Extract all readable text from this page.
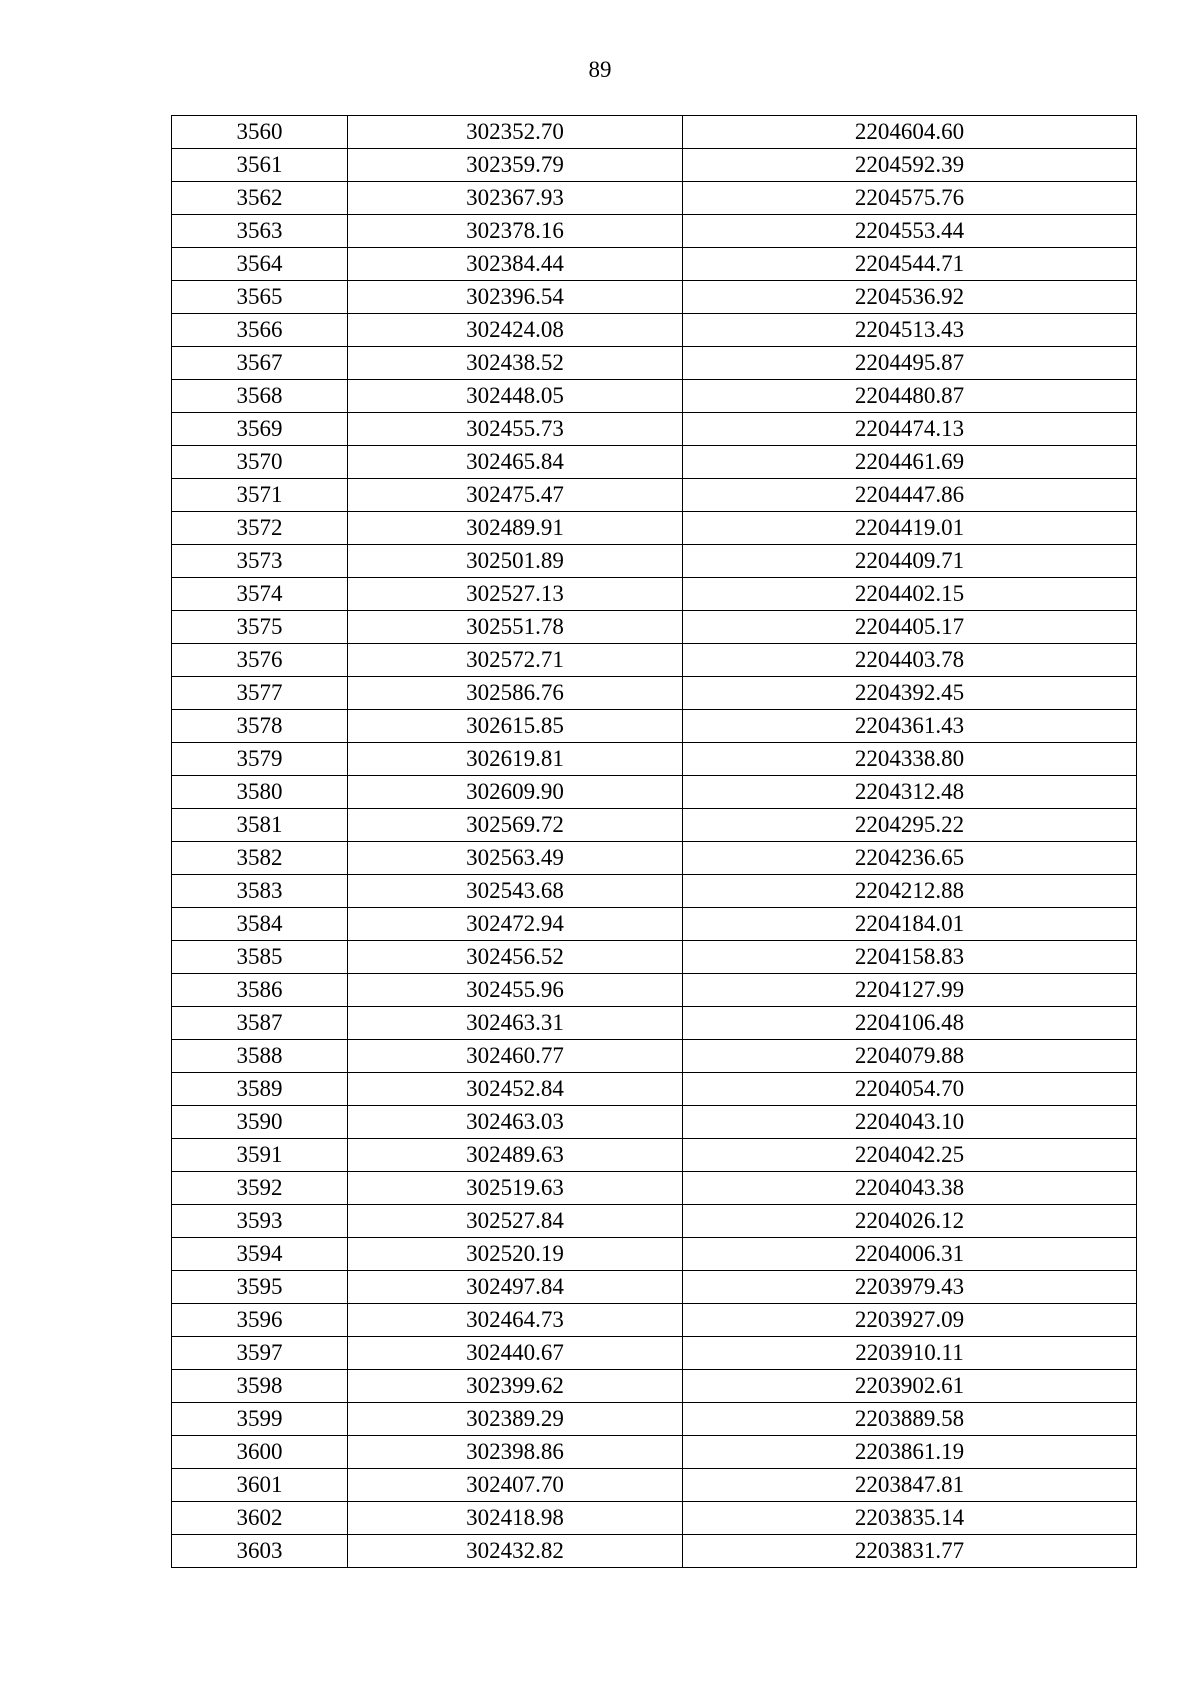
89
3560	302352.70	2204604.60
3561	302359.79	2204592.39
3562	302367.93	2204575.76
3563	302378.16	2204553.44
3564	302384.44	2204544.71
3565	302396.54	2204536.92
3566	302424.08	2204513.43
3567	302438.52	2204495.87
3568	302448.05	2204480.87
3569	302455.73	2204474.13
3570	302465.84	2204461.69
3571	302475.47	2204447.86
3572	302489.91	2204419.01
3573	302501.89	2204409.71
3574	302527.13	2204402.15
3575	302551.78	2204405.17
3576	302572.71	2204403.78
3577	302586.76	2204392.45
3578	302615.85	2204361.43
3579	302619.81	2204338.80
3580	302609.90	2204312.48
3581	302569.72	2204295.22
3582	302563.49	2204236.65
3583	302543.68	2204212.88
3584	302472.94	2204184.01
3585	302456.52	2204158.83
3586	302455.96	2204127.99
3587	302463.31	2204106.48
3588	302460.77	2204079.88
3589	302452.84	2204054.70
3590	302463.03	2204043.10
3591	302489.63	2204042.25
3592	302519.63	2204043.38
3593	302527.84	2204026.12
3594	302520.19	2204006.31
3595	302497.84	2203979.43
3596	302464.73	2203927.09
3597	302440.67	2203910.11
3598	302399.62	2203902.61
3599	302389.29	2203889.58
3600	302398.86	2203861.19
3601	302407.70	2203847.81
3602	302418.98	2203835.14
3603	302432.82	2203831.77
